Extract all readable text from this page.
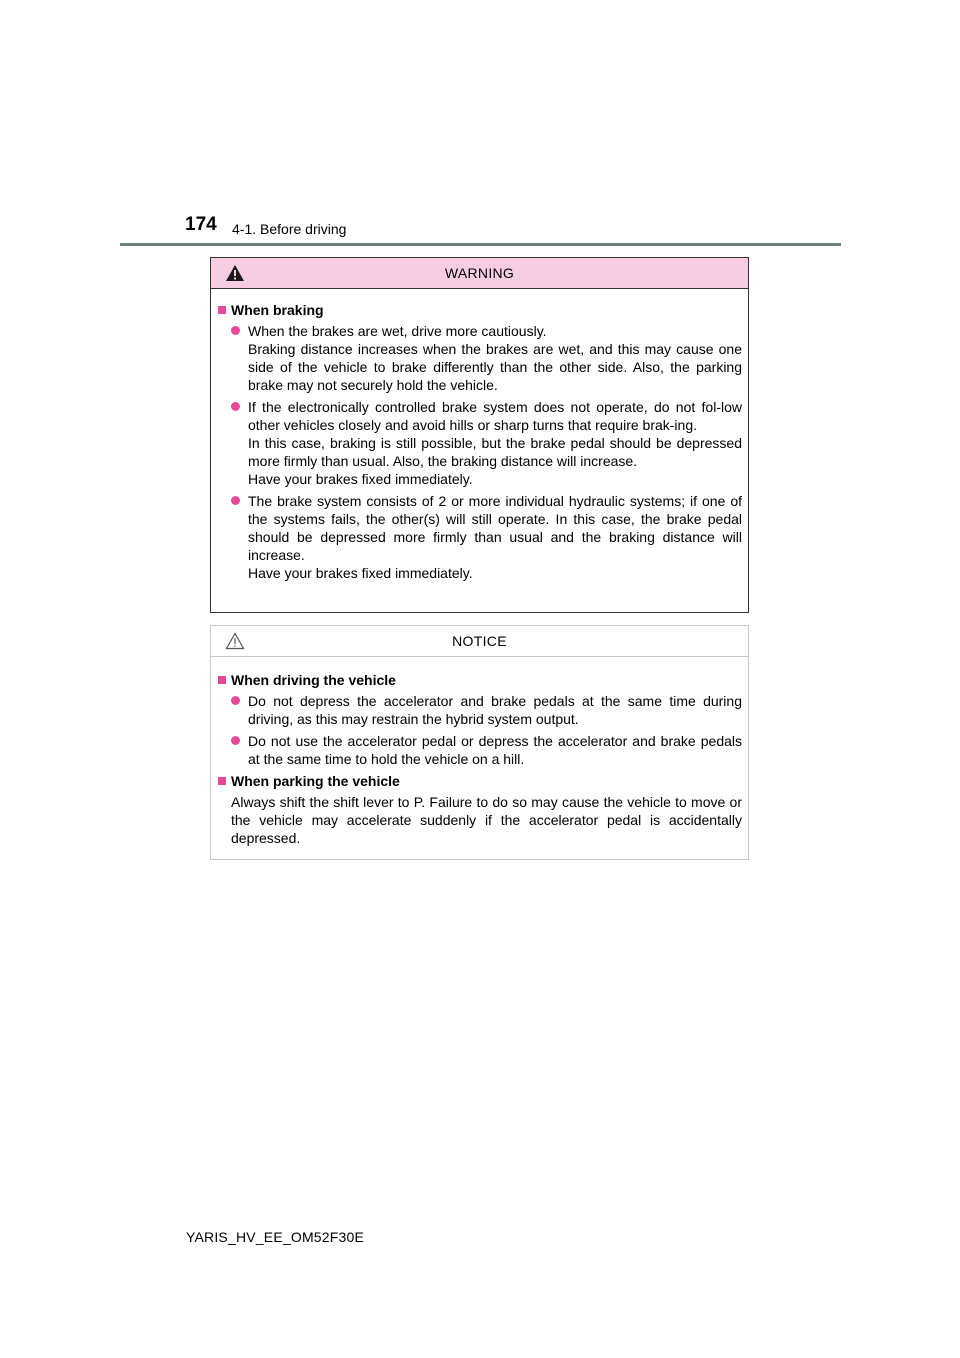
174 4-1. Before driving
WARNING
When braking
When the brakes are wet, drive more cautiously.
Braking distance increases when the brakes are wet, and this may cause one side of the vehicle to brake differently than the other side. Also, the parking brake may not securely hold the vehicle.
If the electronically controlled brake system does not operate, do not fol-low other vehicles closely and avoid hills or sharp turns that require brak-ing.
In this case, braking is still possible, but the brake pedal should be depressed more firmly than usual. Also, the braking distance will increase.
Have your brakes fixed immediately.
The brake system consists of 2 or more individual hydraulic systems; if one of the systems fails, the other(s) will still operate. In this case, the brake pedal should be depressed more firmly than usual and the braking distance will increase.
Have your brakes fixed immediately.
NOTICE
When driving the vehicle
Do not depress the accelerator and brake pedals at the same time during driving, as this may restrain the hybrid system output.
Do not use the accelerator pedal or depress the accelerator and brake pedals at the same time to hold the vehicle on a hill.
When parking the vehicle
Always shift the shift lever to P. Failure to do so may cause the vehicle to move or the vehicle may accelerate suddenly if the accelerator pedal is accidentally depressed.
YARIS_HV_EE_OM52F30E
